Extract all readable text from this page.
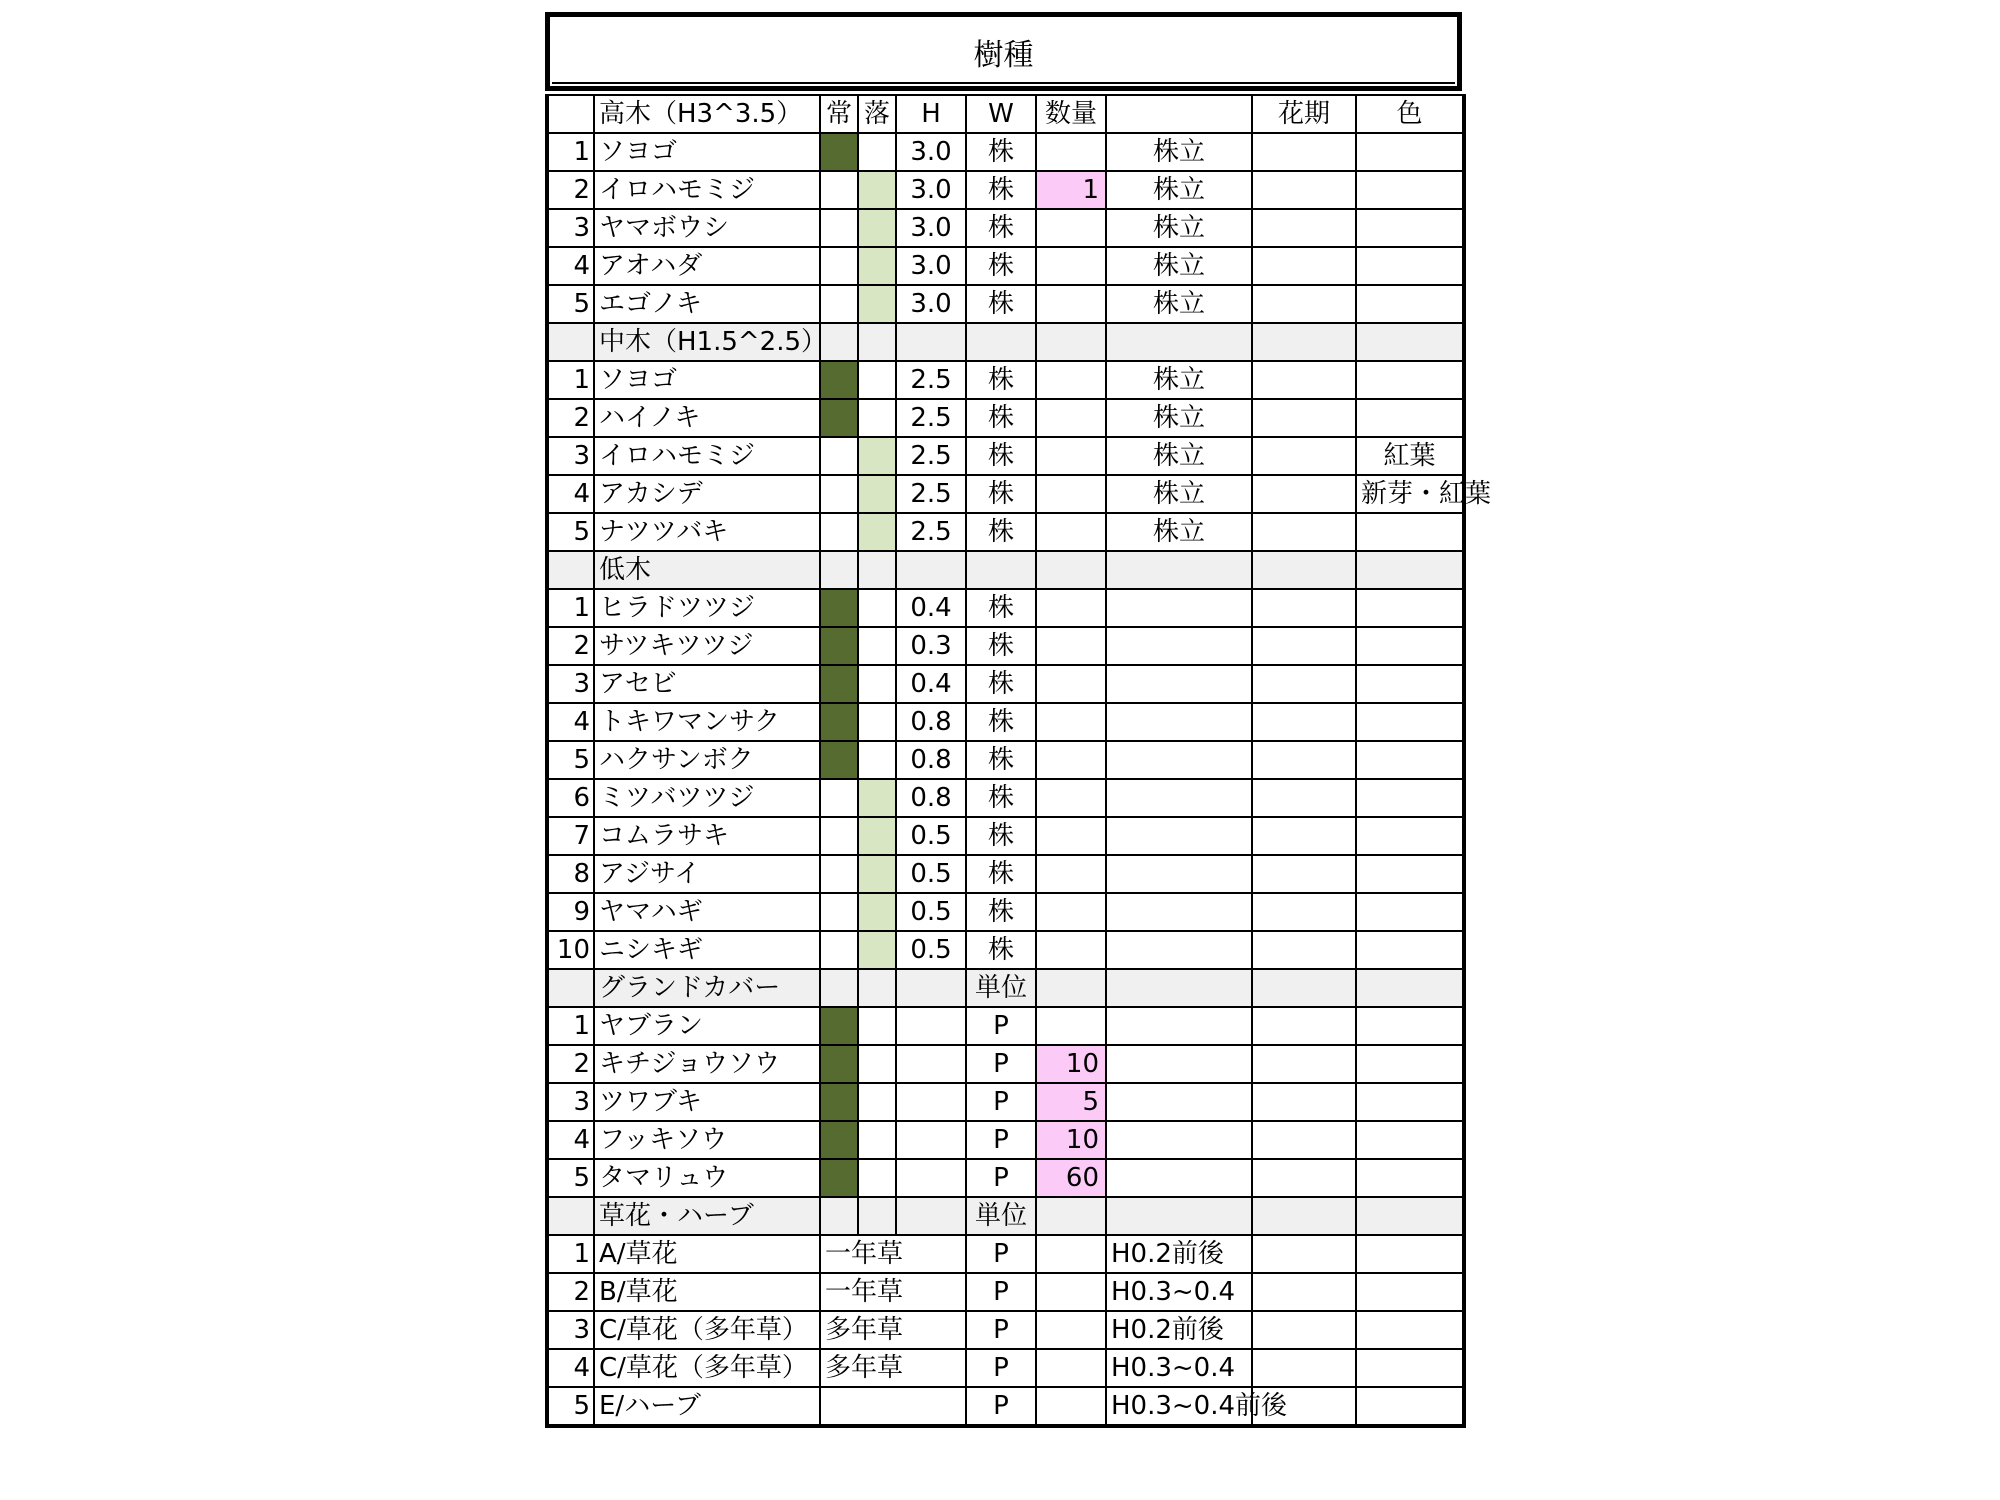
樹種
	高木（H3^3.5）	常	落	H	W	数量		花期	色
1	ソヨゴ			3.0	株		株立		
2	イロハモミジ			3.0	株	1	株立		
3	ヤマボウシ			3.0	株		株立		
4	アオハダ			3.0	株		株立		
5	エゴノキ			3.0	株		株立		
	中木（H1.5^2.5）								
1	ソヨゴ			2.5	株		株立		
2	ハイノキ			2.5	株		株立		
3	イロハモミジ			2.5	株		株立		紅葉
4	アカシデ			2.5	株		株立		新芽・紅葉
5	ナツツバキ			2.5	株		株立		
	低木								
1	ヒラドツツジ			0.4	株				
2	サツキツツジ			0.3	株				
3	アセビ			0.4	株				
4	トキワマンサク			0.8	株				
5	ハクサンボク			0.8	株				
6	ミツバツツジ			0.8	株				
7	コムラサキ			0.5	株				
8	アジサイ			0.5	株				
9	ヤマハギ			0.5	株				
10	ニシキギ			0.5	株				
	グランドカバー				単位				
1	ヤブラン				P				
2	キチジョウソウ				P	10			
3	ツワブキ				P	5			
4	フッキソウ				P	10			
5	タマリュウ				P	60			
	草花・ハーブ				単位				
1	A/草花	一年草			P		H0.2前後		
2	B/草花	一年草			P		H0.3~0.4		
3	C/草花（多年草）	多年草			P		H0.2前後		
4	C/草花（多年草）	多年草			P		H0.3~0.4		
5	E/ハーブ				P		H0.3~0.4前後		
